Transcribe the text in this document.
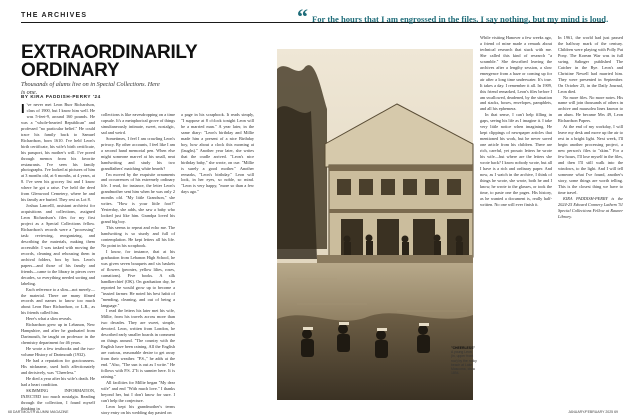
THE ARCHIVES
EXTRAORDINARILY ORDINARY
Thousands of alums live on in Special Collections. Here is one.
BY KIRA PADDISH-PERRY '24

I 've never met Leon Burr Richardson, class of 1900, but I know him well. He was 5-feet-9, around 160 pounds. He was a "whole-hearted Republican" and professed "no particular belief." He could trace his family back to Samuel Richardson, born 1610. I've held Leon's birth certificate, his wife's birth certificate, his passport, his mother's will. I've pored through memos from his favorite restaurants. I've seen his family photographs. I've looked at pictures of him at 3 months old, at 6 months, at 4 years, at 8. I've seen his grocery list and I know where he got a raise. I've held the deed from Glenwood Cemetery, where he and his family are buried. They rest as Lot 8.

Joshua Lancelll, assistant archivist for acquisitions and collections, assigned Leon Richardson's files for my first project as a Special Collections fellow. Richardson's records were a "processing" task: reviewing, reorganizing, and describing the materials, making them accessible. I was tasked with moving the records, cleaning and rehousing them in archival folders, box by box. Leon's papers—and those of his family and friends—came to the library in pieces over decades, so everything needed sorting and labeling.

Each reference to a slim—not merely—the material. There are many filmed records and names to know too much about Leon Burr Richardson, or L.R., as his friends called him.

Here's what a slim reveals.

Richardson grew up in Lebanon, New Hampshire, and after he graduated from Dartmouth, he taught on professor in the chemistry department for 46 years.

He wrote a few textbooks and the two-volume History of Dartmouth (1932).

He had a reputation for graciousness. His nickname, used both affectionately and derisively, was "Cheerless."

He died a year after his wife's death. He had a heart condition.

SKIMMING INFORMATION, INJECTED too much nostalgia. Reading through the collection, I found myself thinking in

collections is like eavesdropping on a time capsule. It's a metaphorical grove of things simultaneously intimate, sweet, nostalgic, sad and weird.

Sometimes, I feel I am crawling Leon's privacy. By other accounts, I feel like I am a second hand memorial pen. When else might someone marvel at his small, neat handwriting and study his two grandfathers' matching white beards?

I'm moved by the exquisite ornaments and occurrences of his extremely ordinary life. I read, for instance, the letter Leon's grandmother sent him when he was only 2 months old. "My little Grandson," she writes. "How is your little foot?" Yesterday, she adds, she saw a baby who looked just like him. Grandpa loved his grand big boy.

This seems to repeat and echo me. The handwriting is so sturdy and full of contemplation. He kept letters all his life. No point in his scrapbook.

I know, for instance, that at his graduation from Lebanon High School, he was given seven bouquets and six baskets of flowers (peonies, yellow lilies, roses, carnations). Five books. A silk handkerchief (OK). On graduation day, he reported he would grow up to become a "trusted farmer. He noted his best habit of "mending, cleaning, and out of being a language."

I read the letters his later met his wife, Millie, from his travels across more than two decades. They are sweet, simple, devoted. Leon, written from London, he described early smaller boards in comment on things around. "The country with the English have been raining. All the English are curious, reasonable desire to get away from their weather. "P.S.," he adds at the end. "Also, "The sun is out as I write." He follows with P.S. 2"It is sunnier here. It is raining."

All facilities for Millie began "My dear wife" and end "With much love." I thanks beyond her, but I don't know for sure. I can't help the conjecture.

Leon kept his grandmother's terms story entry on his wedding day pasted on

a page in his scrapbook. It reads simply, "I suppose at 8 o'clock tonight Leon will be a married man." A year later, in the same diary: "Leon's birthday and Millie made him a present of a nice Birthday boy, how about a clock this morning at (laughs)." Another year later, she writes that the cradle arrived. "Leon's nice birthday baby," she wrote, on cue. "Millie is surely a good mother." Another remarks, "Leon's birthday." Leon will look, in her eyes, so noble, so mind. "Leon is very happy, "more so than a few days ago."

“ For the hours that I am engrossed in the files, I say nothing, but my mind is loud.
"CHEERLESS"
A young Leon (in, upper front row) by the rocky beach at Lake Mascoma, circa 1894.

While visiting Hanover a few weeks ago, a friend of mine made a remark about technical research that stuck with me. She called this kind of research "a scramble." She described leaving the archives after a lengthy session, a slow emergence from a haze or coming up for air after a long time underwater. It's true. It takes a day. I remember it all. In 1909, this friend remarked, Leon's files before I am swallowed, deadened, by the situation and stacks, boxes, envelopes, pamphlets, and all his ephemera.

In that sense, I can't help filling in gaps, seeing his life as I imagine it. I take very little notice when imagining. He kept clippings of newspaper articles that mentioned his work, but he never saved one article from his children. There are rich, careful, yet prosaic letters he wrote his wife—but where are the letters she wrote back? I know nobody wrote, but all I have is a rich and ordinary paper. And now, as I watch in the archive, I think of things he wrote, she wrote, both he and I know, he wrote to the glasses, or took the time, to paste one the pages. His history, as he wanted a document is, really half-written. No one will ever finish it.

In 1961, the world had just passed the halfway mark of the century. Children were playing with Polly Put Pony. The Korean War was in full swing. Salinger published The Catcher in the Rye. Leon's and Christine Newell had married him. They were presented in September. On October 25, in the Daily Journal, Leon died.

No more files. No more notes. His name will join thousands of others in archive and mausolea lines known to an alum. He became Mrs 49, Leon Richardson Papers.

At the end of my workday, I will leave my desk and move up the air to rest in a bright light. Next week, I'll begin another processing project, a new person's files to "skim." For a few hours, I'll lose myself in the files, and then I'll still walk into the windows, to the light. And I will tell someone what I've found, another's story, some things are worth telling. This is the closest thing we have to time travel.

KIRA PADDISH-PERRY is the 2024-25 Edward Connery Lathem '51 Special Collections Fellow at Rauner Library.

68 DARTMOUTH ALUMNI MAGAZINE	JANUARY/FEBRUARY 2025 69
